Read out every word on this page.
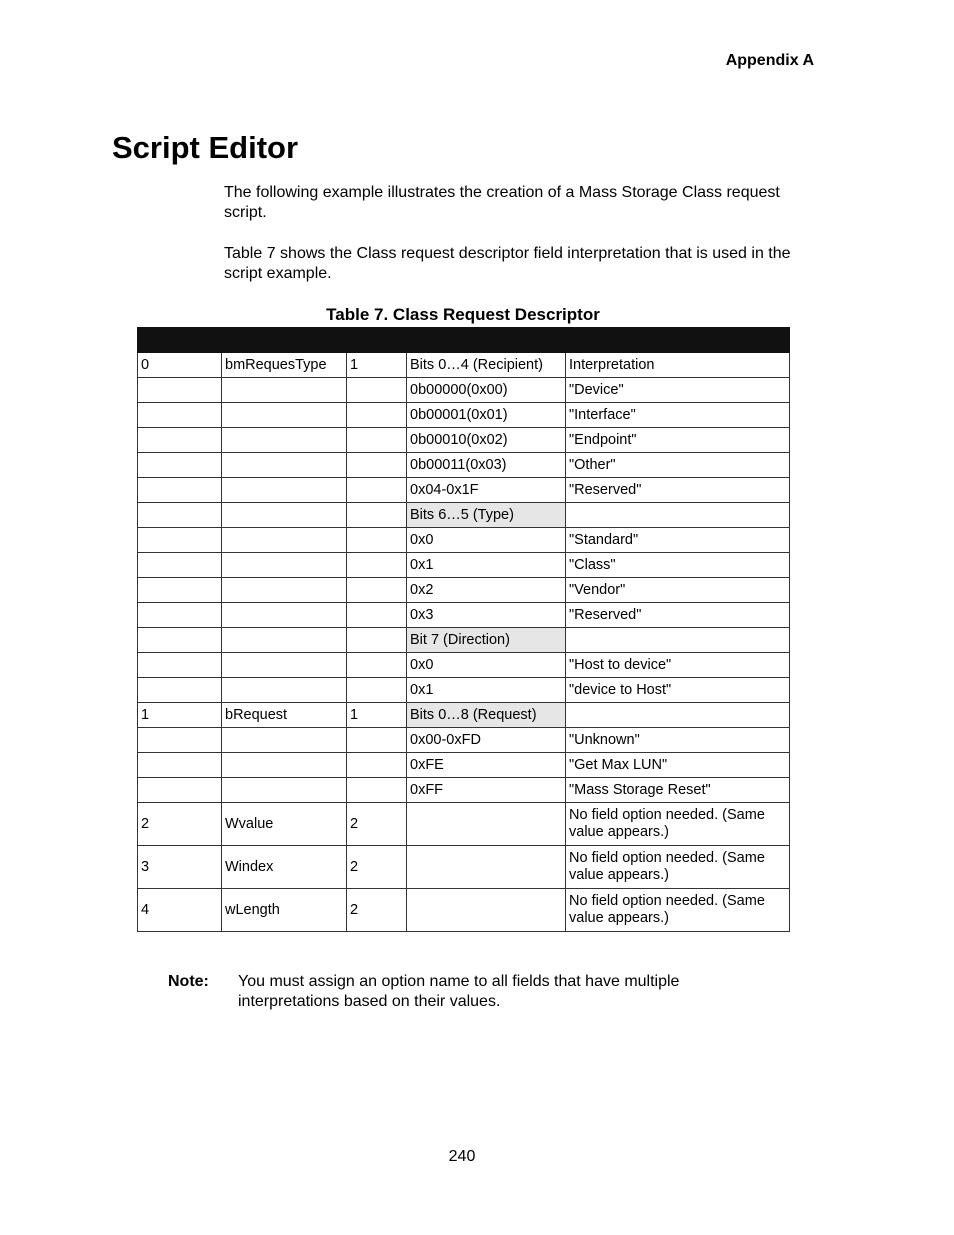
Appendix A
Script Editor
The following example illustrates the creation of a Mass Storage Class request script.
Table 7 shows the Class request descriptor field interpretation that is used in the script example.
Table 7. Class Request Descriptor

0	bmRequesType	1	Bits 0…4 (Recipient)	Interpretation
			0b00000(0x00)	"Device"
			0b00001(0x01)	"Interface"
			0b00010(0x02)	"Endpoint"
			0b00011(0x03)	"Other"
			0x04-0x1F	"Reserved"
			Bits 6…5 (Type)	
			0x0	"Standard"
			0x1	"Class"
			0x2	"Vendor"
			0x3	"Reserved"
			Bit 7 (Direction)	
			0x0	"Host to device"
			0x1	"device to Host"
1	bRequest	1	Bits 0…8 (Request)	
			0x00-0xFD	"Unknown"
			0xFE	"Get Max LUN"
			0xFF	"Mass Storage Reset"
2	Wvalue	2		No field option needed. (Same value appears.)
3	Windex	2		No field option needed. (Same value appears.)
4	wLength	2		No field option needed. (Same value appears.)
Note:	You must assign an option name to all fields that have multiple interpretations based on their values.
240
